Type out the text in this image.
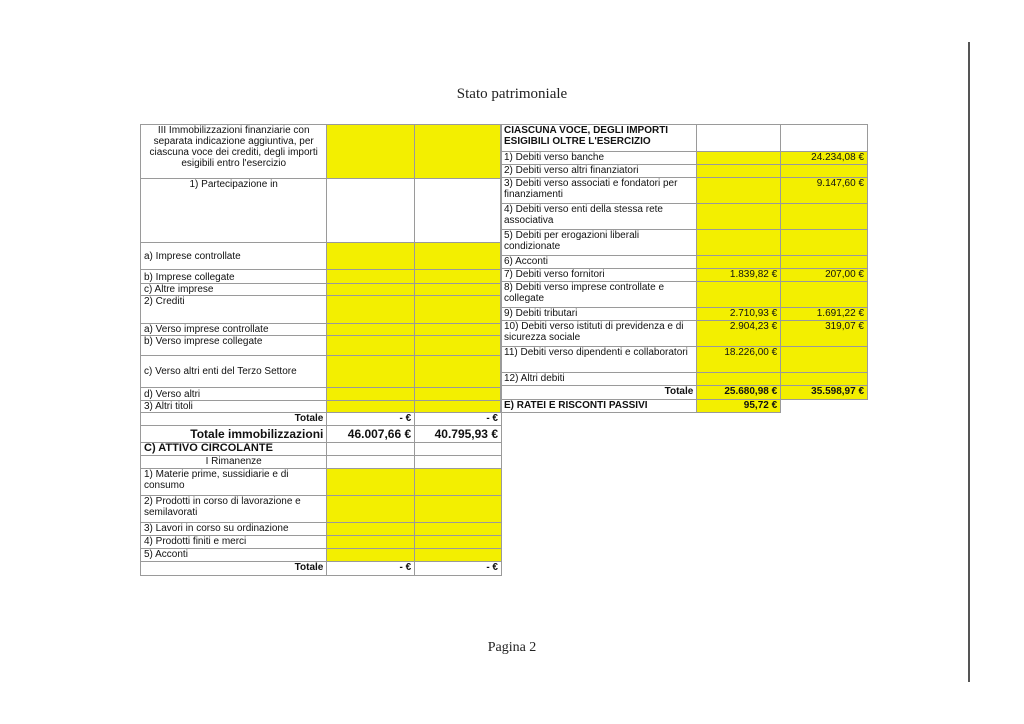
Stato patrimoniale
III Immobilizzazioni finanziarie con separata indicazione aggiuntiva, per ciascuna voce dei crediti, degli importi esigibili entro l'esercizio		
1) Partecipazione in		
a) Imprese controllate		
b) Imprese collegate		
c) Altre imprese		
2) Crediti		
a) Verso imprese controllate		
b) Verso imprese collegate		
c) Verso altri enti del Terzo Settore		
d) Verso altri		
3) Altri titoli		
Totale	- €	- €
Totale immobilizzazioni	46.007,66 €	40.795,93 €
C) ATTIVO CIRCOLANTE		
I Rimanenze		
1) Materie prime, sussidiarie e di consumo		
2) Prodotti in corso di lavorazione e semilavorati		
3) Lavori in corso su ordinazione		
4) Prodotti finiti e merci		
5) Acconti		
Totale	- €	- €
CIASCUNA VOCE, DEGLI IMPORTI ESIGIBILI OLTRE L'ESERCIZIO		
1) Debiti verso banche		24.234,08 €
2) Debiti verso altri finanziatori		
3) Debiti verso associati e fondatori per finanziamenti		9.147,60 €
4) Debiti verso enti della stessa rete associativa		
5) Debiti per erogazioni liberali condizionate		
6) Acconti		
7) Debiti verso fornitori	1.839,82 €	207,00 €
8) Debiti verso imprese controllate e collegate		
9) Debiti tributari	2.710,93 €	1.691,22 €
10) Debiti verso istituti di previdenza e di sicurezza sociale	2.904,23 €	319,07 €
11) Debiti verso dipendenti e collaboratori	18.226,00 €	
12) Altri debiti		
Totale	25.680,98 €	35.598,97 €
E) RATEI E RISCONTI PASSIVI	95,72 €	
Pagina 2
